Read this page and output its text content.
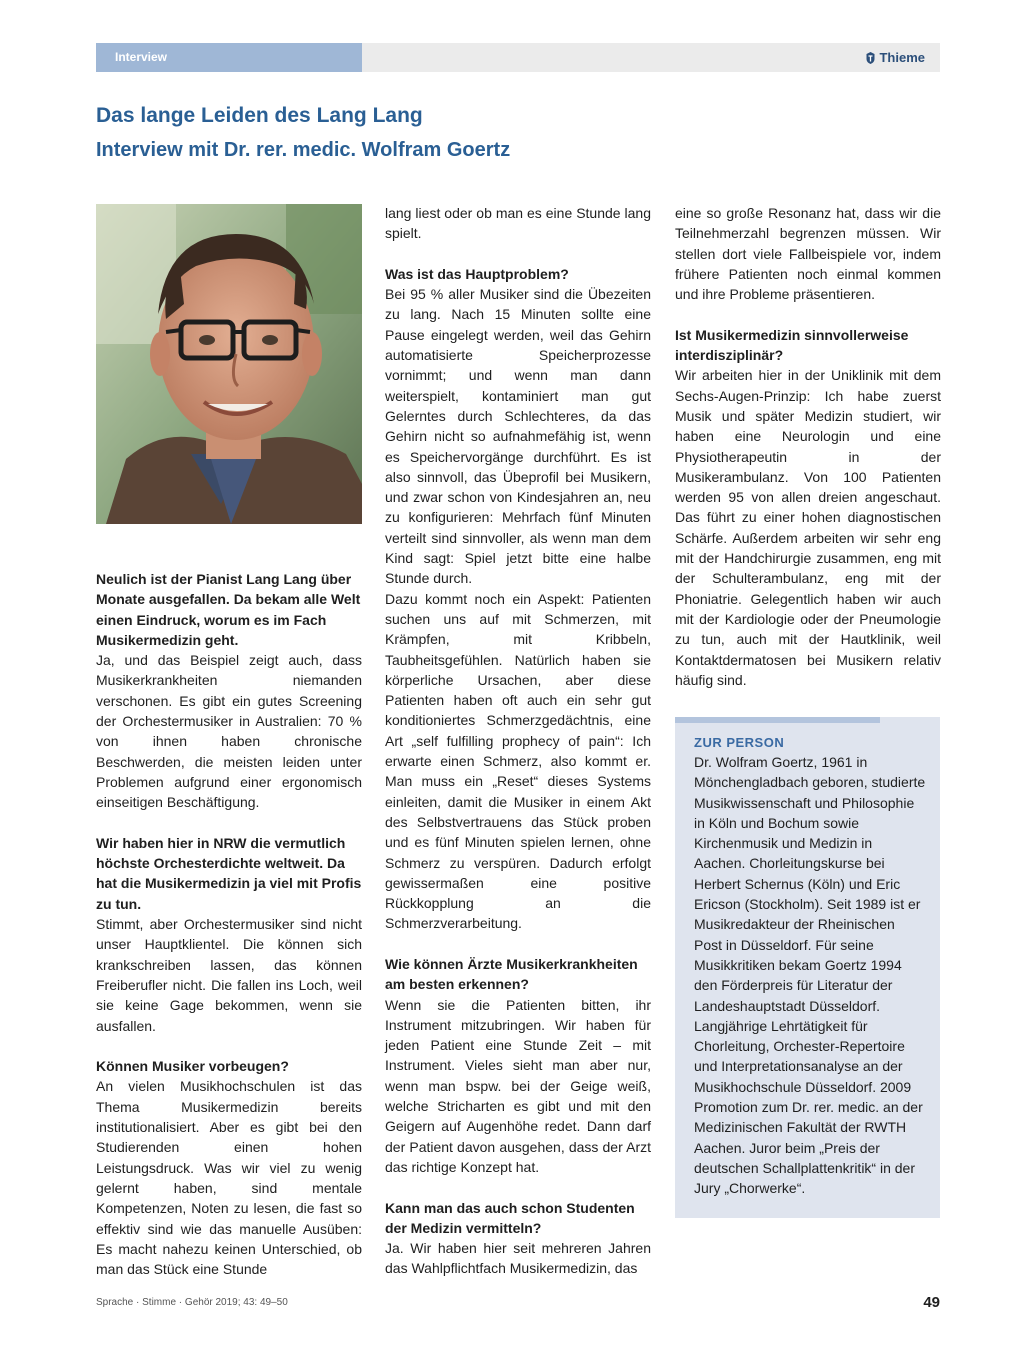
Interview	Thieme
Das lange Leiden des Lang Lang
Interview mit Dr. rer. medic. Wolfram Goertz

Neulich ist der Pianist Lang Lang über Monate ausgefallen. Da bekam alle Welt einen Eindruck, worum es im Fach Musikermedizin geht.

Ja, und das Beispiel zeigt auch, dass Musikerkrankheiten niemanden verschonen. Es gibt ein gutes Screening der Orchestermusiker in Australien: 70 % von ihnen haben chronische Beschwerden, die meisten leiden unter Problemen aufgrund einer ergonomisch einseitigen Beschäftigung.

Wir haben hier in NRW die vermutlich höchste Orchesterdichte weltweit. Da hat die Musikermedizin ja viel mit Profis zu tun.

Stimmt, aber Orchestermusiker sind nicht unser Hauptklientel. Die können sich krankschreiben lassen, das können Freiberufler nicht. Die fallen ins Loch, weil sie keine Gage bekommen, wenn sie ausfallen.

Können Musiker vorbeugen?

An vielen Musikhochschulen ist das Thema Musikermedizin bereits institutionalisiert. Aber es gibt bei den Studierenden einen hohen Leistungsdruck. Was wir viel zu wenig gelernt haben, sind mentale Kompetenzen, Noten zu lesen, die fast so effektiv sind wie das manuelle Ausüben: Es macht nahezu keinen Unterschied, ob man das Stück eine Stunde

lang liest oder ob man es eine Stunde lang spielt.

Was ist das Hauptproblem?

Bei 95 % aller Musiker sind die Übezeiten zu lang. Nach 15 Minuten sollte eine Pause eingelegt werden, weil das Gehirn automatisierte Speicherprozesse vornimmt; und wenn man dann weiterspielt, kontaminiert man gut Gelerntes durch Schlechteres, da das Gehirn nicht so aufnahmefähig ist, wenn es Speichervorgänge durchführt. Es ist also sinnvoll, das Übeprofil bei Musikern, und zwar schon von Kindesjahren an, neu zu konfigurieren: Mehrfach fünf Minuten verteilt sind sinnvoller, als wenn man dem Kind sagt: Spiel jetzt bitte eine halbe Stunde durch.

Dazu kommt noch ein Aspekt: Patienten suchen uns auf mit Schmerzen, mit Krämpfen, mit Kribbeln, Taubheitsgefühlen. Natürlich haben sie körperliche Ursachen, aber diese Patienten haben oft auch ein sehr gut konditioniertes Schmerzgedächtnis, eine Art „self fulfilling prophecy of pain“: Ich erwarte einen Schmerz, also kommt er. Man muss ein „Reset“ dieses Systems einleiten, damit die Musiker in einem Akt des Selbstvertrauens das Stück proben und es fünf Minuten spielen lernen, ohne Schmerz zu verspüren. Dadurch erfolgt gewissermaßen eine positive Rückkopplung an die Schmerzverarbeitung.

Wie können Ärzte Musikerkrankheiten am besten erkennen?

Wenn sie die Patienten bitten, ihr Instrument mitzubringen. Wir haben für jeden Patient eine Stunde Zeit – mit Instrument. Vieles sieht man aber nur, wenn man bspw. bei der Geige weiß, welche Stricharten es gibt und mit den Geigern auf Augenhöhe redet. Dann darf der Patient davon ausgehen, dass der Arzt das richtige Konzept hat.

Kann man das auch schon Studenten der Medizin vermitteln?

Ja. Wir haben hier seit mehreren Jahren das Wahlpflichtfach Musikermedizin, das

eine so große Resonanz hat, dass wir die Teilnehmerzahl begrenzen müssen. Wir stellen dort viele Fallbeispiele vor, indem frühere Patienten noch einmal kommen und ihre Probleme präsentieren.

Ist Musikermedizin sinnvollerweise interdisziplinär?

Wir arbeiten hier in der Uniklinik mit dem Sechs-Augen-Prinzip: Ich habe zuerst Musik und später Medizin studiert, wir haben eine Neurologin und eine Physiotherapeutin in der Musikerambulanz. Von 100 Patienten werden 95 von allen dreien angeschaut. Das führt zu einer hohen diagnostischen Schärfe. Außerdem arbeiten wir sehr eng mit der Handchirurgie zusammen, eng mit der Schulterambulanz, eng mit der Phoniatrie. Gelegentlich haben wir auch mit der Kardiologie oder der Pneumologie zu tun, auch mit der Hautklinik, weil Kontaktdermatosen bei Musikern relativ häufig sind.

ZUR PERSON

Dr. Wolfram Goertz, 1961 in Mönchengladbach geboren, studierte Musikwissenschaft und Philosophie in Köln und Bochum sowie Kirchenmusik und Medizin in Aachen. Chorleitungskurse bei Herbert Schernus (Köln) und Eric Ericson (Stockholm). Seit 1989 ist er Musikredakteur der Rheinischen Post in Düsseldorf. Für seine Musikkritiken bekam Goertz 1994 den Förderpreis für Literatur der Landeshauptstadt Düsseldorf. Langjährige Lehrtätigkeit für Chorleitung, Orchester-Repertoire und Interpretationsanalyse an der Musikhochschule Düsseldorf. 2009 Promotion zum Dr. rer. medic. an der Medizinischen Fakultät der RWTH Aachen. Juror beim „Preis der deutschen Schallplattenkritik“ in der Jury „Chorwerke“.

Sprache · Stimme · Gehör 2019; 43: 49–50	49
